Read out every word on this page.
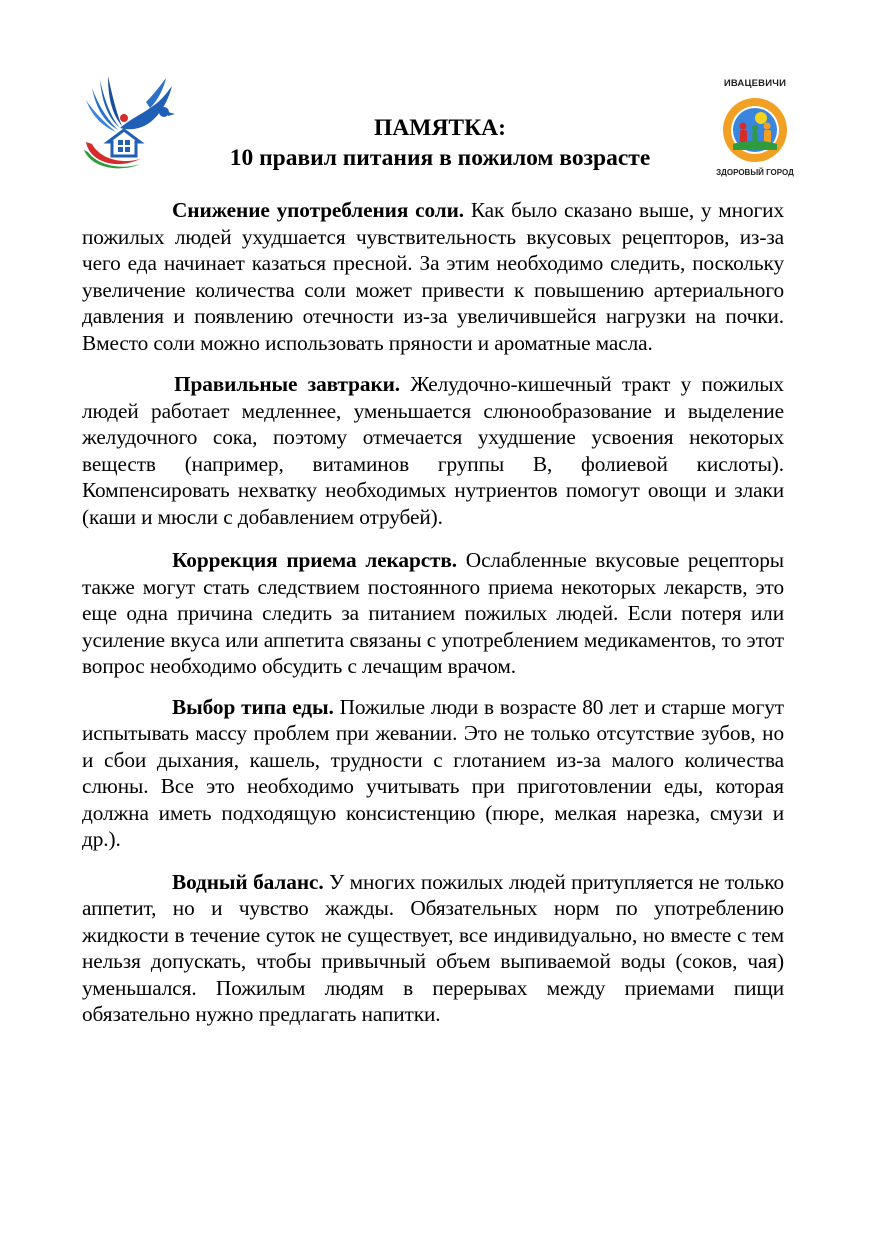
ПАМЯТКА:
10 правил питания в пожилом возрасте
ИВАЦЕВИЧИ
ЗДОРОВЫЙ ГОРОД

Снижение употребления соли. Как было сказано выше, у многих пожилых людей ухудшается чувствительность вкусовых рецепторов, из-за чего еда начинает казаться пресной. За этим необходимо следить, поскольку увеличение количества соли может привести к повышению артериального давления и появлению отечности из-за увеличившейся нагрузки на почки. Вместо соли можно использовать пряности и ароматные масла.

Правильные завтраки. Желудочно-кишечный тракт у пожилых людей работает медленнее, уменьшается слюнообразование и выделение желудочного сока, поэтому отмечается ухудшение усвоения некоторых веществ (например, витаминов группы В, фолиевой кислоты). Компенсировать нехватку необходимых нутриентов помогут овощи и злаки (каши и мюсли с добавлением отрубей).

Коррекция приема лекарств. Ослабленные вкусовые рецепторы также могут стать следствием постоянного приема некоторых лекарств, это еще одна причина следить за питанием пожилых людей. Если потеря или усиление вкуса или аппетита связаны с употреблением медикаментов, то этот вопрос необходимо обсудить с лечащим врачом.

Выбор типа еды. Пожилые люди в возрасте 80 лет и старше могут испытывать массу проблем при жевании. Это не только отсутствие зубов, но и сбои дыхания, кашель, трудности с глотанием из-за малого количества слюны. Все это необходимо учитывать при приготовлении еды, которая должна иметь подходящую консистенцию (пюре, мелкая нарезка, смузи и др.).

Водный баланс. У многих пожилых людей притупляется не только аппетит, но и чувство жажды. Обязательных норм по употреблению жидкости в течение суток не существует, все индивидуально, но вместе с тем нельзя допускать, чтобы привычный объем выпиваемой воды (соков, чая) уменьшался. Пожилым людям в перерывах между приемами пищи обязательно нужно предлагать напитки.
